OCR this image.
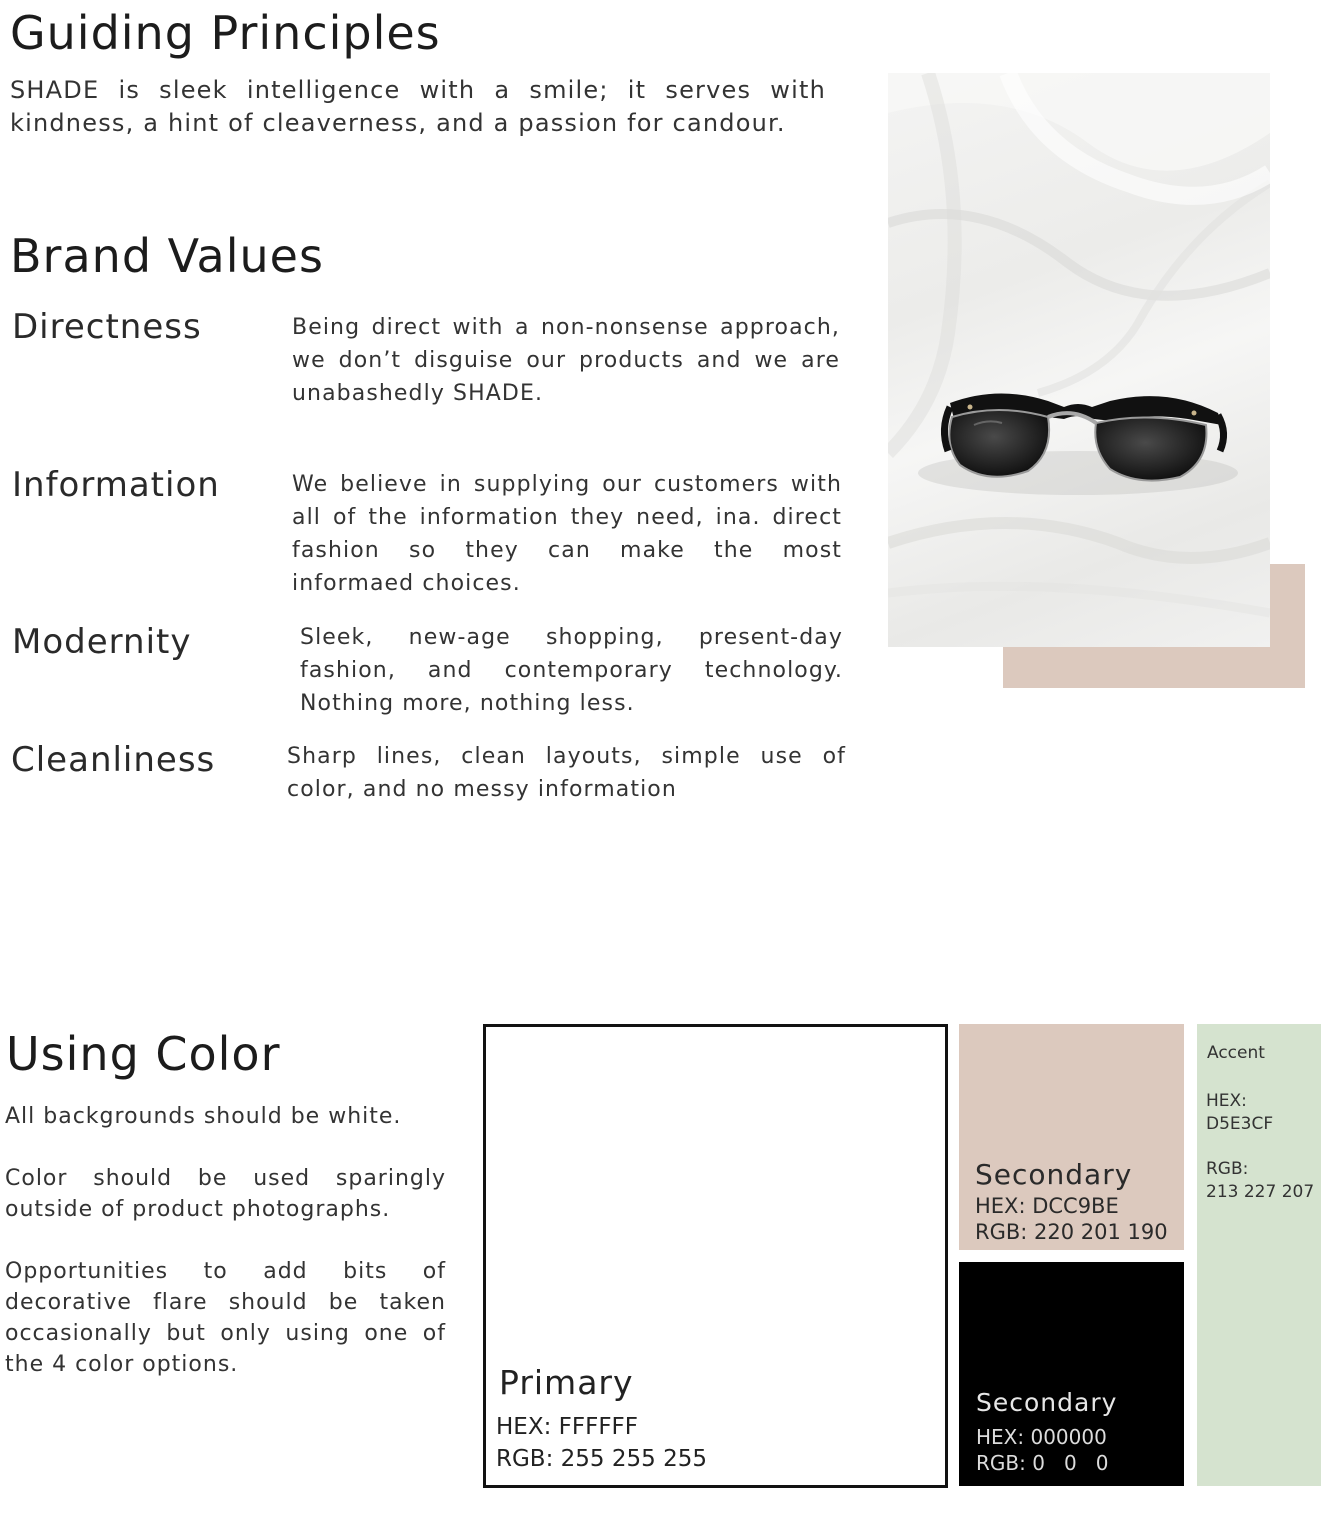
Guiding Principles

SHADE is sleek intelligence with a smile; it serves with kindness, a hint of cleaverness, and a passion for candour.

Brand Values
Directness	Being direct with a non-nonsense approach, we don’t disguise our products and we are unabashedly SHADE.

Information	We believe in supplying our customers with all of the information they need, ina. direct fashion so they can make the most informaed choices.

Modernity	Sleek, new-age shopping, present-day fashion, and contemporary technology. Nothing more, nothing less.

Cleanliness	Sharp lines, clean layouts, simple use of color, and no messy information

Using Color

All backgrounds should be white.

Color should be used sparingly outside of product photographs.

Opportunities to add bits of decorative flare should be taken occasionally but only using one of the 4 color options.	Primary
HEX: FFFFFF
RGB: 255 255 255
Secondary
HEX: DCC9BE
RGB: 220 201 190
Secondary
HEX: 000000
RGB: 0   0   0
Accent
HEX:
D5E3CF
RGB:
213 227 207
